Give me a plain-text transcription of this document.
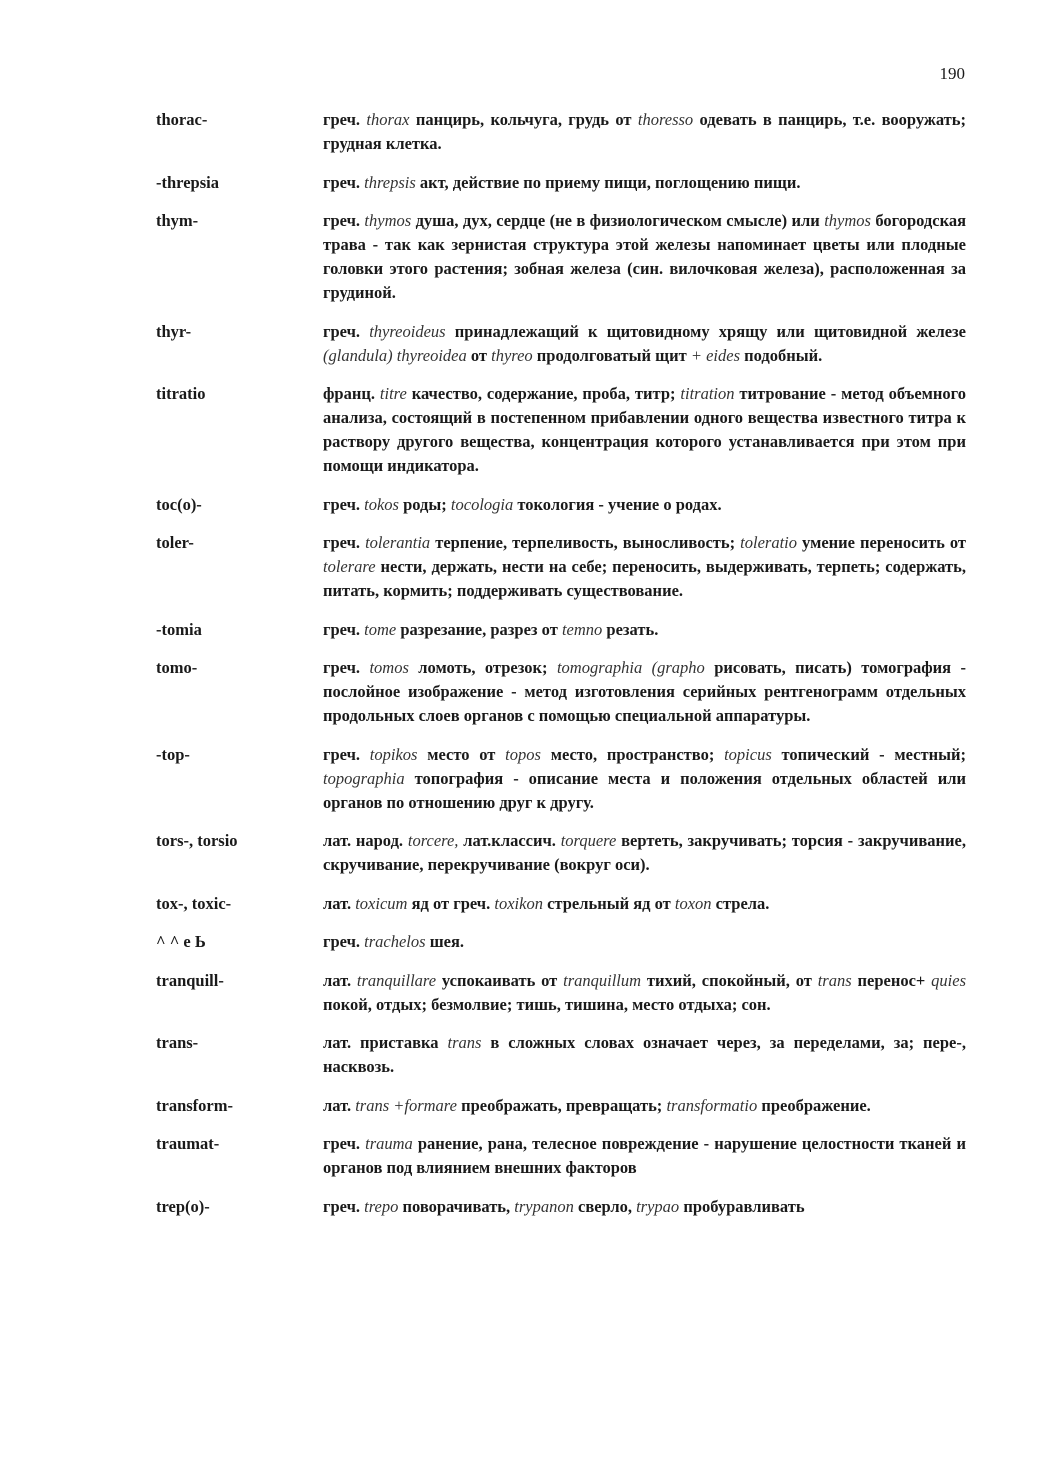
190
thorac-	греч. thorax панцирь, кольчуга, грудь от thoresso одевать в панцирь, т.е. вооружать; грудная клетка.
-threpsia	греч. threpsis акт, действие по приему пищи, поглощению пищи.
thym-	греч. thymos душа, дух, сердце (не в физиологическом смысле) или thymos богородская трава - так как зернистая структура этой железы напоминает цветы или плодные головки этого растения; зобная железа (син. вилочковая железа), расположенная за грудиной.
thyr-	греч. thyreoideus принадлежащий к щитовидному хрящу или щитовидной железе (glandula) thyreoidea от thyreo продолговатый щит + eides подобный.
titratio	франц. titre качество, содержание, проба, титр; titration титрование - метод объемного анализа, состоящий в постепенном прибавлении одного вещества известного титра к раствору другого вещества, концентрация которого устанавливается при этом при помощи индикатора.
toc(o)-	греч. tokos роды; tocologia токология - учение о родах.
toler-	греч. tolerantia терпение, терпеливость, выносливость; toleratio умение переносить от tolerare нести, держать, нести на себе; переносить, выдерживать, терпеть; содержать, питать, кормить; поддерживать существование.
-tomia	греч. tome разрезание, разрез от temno резать.
tomo-	греч. tomos ломоть, отрезок; tomographia (grapho рисовать, писать) томография - послойное изображение - метод изготовления серийных рентгенограмм отдельных продольных слоев органов с помощью специальной аппаратуры.
-top-	греч. topikos место от topos место, пространство; topicus топический - местный; topographia топография - описание места и положения отдельных областей или органов по отношению друг к другу.
tors-, torsio	лат. народ. torcere, лат.классич. torquere вертеть, закручивать; торсия - закручивание, скручивание, перекручивание (вокруг оси).
tox-, toxic-	лат. toxicum яд от греч. toxikon стрельный яд от toxon стрела.
^ ^ e Ь	греч. trachelos шея.
tranquill-	лат. tranquillare успокаивать от tranquillum тихий, спокойный, от trans перенос+ quies покой, отдых; безмолвие; тишь, тишина, место отдыха; сон.
trans-	лат. приставка trans в сложных словах означает через, за переделами, за; пере-, насквозь.
transform-	лат. trans +formare преображать, превращать; transformatio преображение.
traumat-	греч. trauma ранение, рана, телесное повреждение - нарушение целостности тканей и органов под влиянием внешних факторов
trep(o)-	греч. trepo поворачивать, trypanon сверло, trypao пробуравливать
